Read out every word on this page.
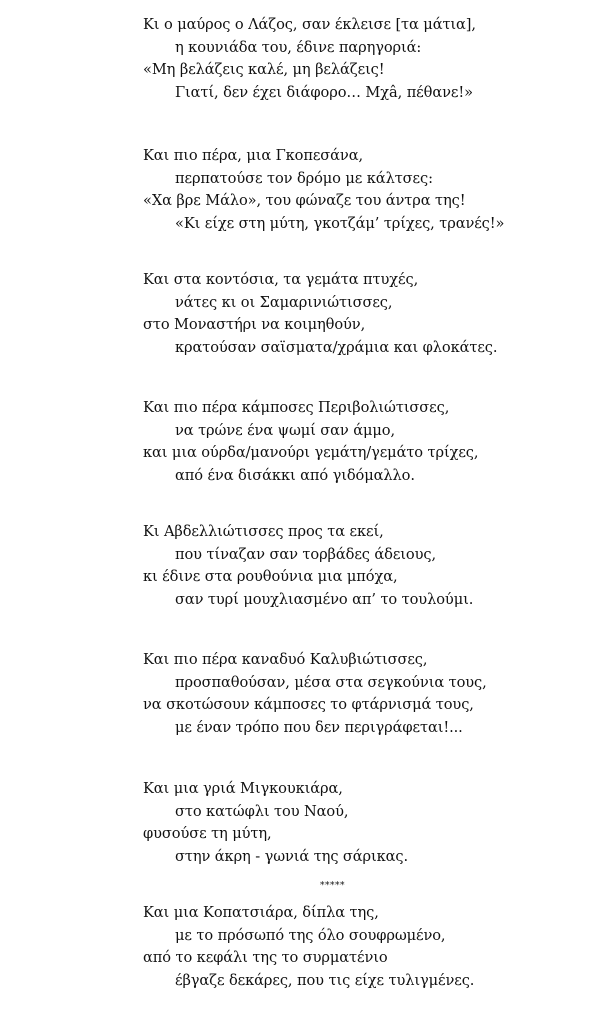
Κι ο μαύρος ο Λάζος, σαν έκλεισε [τα μάτια],
η κουνιάδα του, έδινε παρηγοριά:
«Μη βελάζεις καλέ, μη βελάζεις!
Γιατί, δεν έχει διάφορο… Μχâ, πέθανε!»
Και πιο πέρα, μια Γκοπεσάνα,
περπατούσε τον δρόμο με κάλτσες:
«Χα βρε Μάλο», του φώναζε του άντρα της!
«Κι είχε στη μύτη, γκοτζάμ’ τρίχες, τρανές!»
Και στα κοντόσια, τα γεμάτα πτυχές,
νάτες κι οι Σαμαρινιώτισσες,
στο Μοναστήρι να κοιμηθούν,
κρατούσαν σαϊσματα/χράμια και φλοκάτες.
Και πιο πέρα κάμποσες Περιβολιώτισσες,
να τρώνε ένα ψωμί σαν άμμο,
και μια ούρδα/μανούρι γεμάτη/γεμάτο τρίχες,
από ένα δισάκκι από γιδόμαλλο.
Κι Αβδελλιώτισσες προς τα εκεί,
που τίναζαν σαν τορβάδες άδειους,
κι έδινε στα ρουθούνια μια μπόχα,
σαν τυρί μουχλιασμένο απ’ το τουλούμι.
Και πιο πέρα καναδυό Καλυβιώτισσες,
προσπαθούσαν, μέσα στα σεγκούνια τους,
να σκοτώσουν κάμποσες το φτάρνισμά τους,
με έναν τρόπο που δεν περιγράφεται!...
Και μια γριά Μιγκουκιάρα,
στο κατώφλι του Ναού,
φυσούσε τη μύτη,
στην άκρη - γωνιά της σάρικας.
*****
Και μια Κοπατσιάρα, δίπλα της,
με το πρόσωπό της όλο σουφρωμένο,
από το κεφάλι της το συρματένιο
έβγαζε δεκάρες, που τις είχε τυλιγμένες.
